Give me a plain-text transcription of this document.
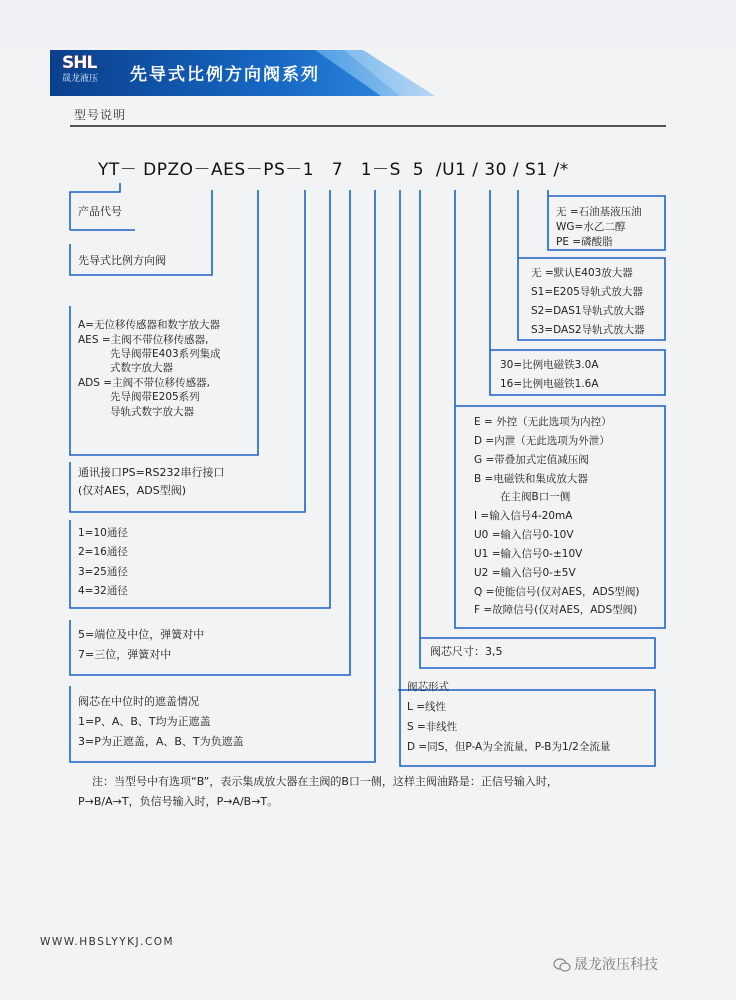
SHL
晟龙液压	先导式比例方向阀系列
型号说明
YT－ DPZO－AES－PS－1   7   1－S  5  /U1 / 30 / S1 /*
产品代号
先导式比例方向阀
A=无位移传感器和数字放大器
AES =主阀不带位移传感器,
先导阀带E403系列集成
式数字放大器
ADS =主阀不带位移传感器,
先导阀带E205系列
导轨式数字放大器
通讯接口PS=RS232串行接口
(仅对AES，ADS型阀)
1=10通径
2=16通径
3=25通径
4=32通径
5=端位及中位，弹簧对中
7=三位，弹簧对中
阀芯在中位时的遮盖情况
1=P、A、B、T均为正遮盖
3=P为正遮盖，A、B、T为负遮盖
无 =石油基液压油
WG=水乙二醇
PE =磷酸脂
无 =默认E403放大器
S1=E205导轨式放大器
S2=DAS1导轨式放大器
S3=DAS2导轨式放大器
30=比例电磁铁3.0A
16=比例电磁铁1.6A
E = 外控（无此选项为内控）
D =内泄（无此选项为外泄）
G =带叠加式定值减压阀
B =电磁铁和集成放大器
在主阀B口一侧
I =输入信号4-20mA
U0 =输入信号0-10V
U1 =输入信号0-±10V
U2 =输入信号0-±5V
Q =使能信号(仅对AES，ADS型阀)
F =故障信号(仅对AES，ADS型阀)
阀芯尺寸：3,5
阀芯形式
L =线性
S =非线性
D =同S，但P-A为全流量，P-B为1/2全流量
注：当型号中有选项“B”，表示集成放大器在主阀的B口一侧，这样主阀油路是：正信号输入时，
P→B/A→T，负信号输入时，P→A/B→T。
WWW.HBSLYYKJ.COM
晟龙液压科技
